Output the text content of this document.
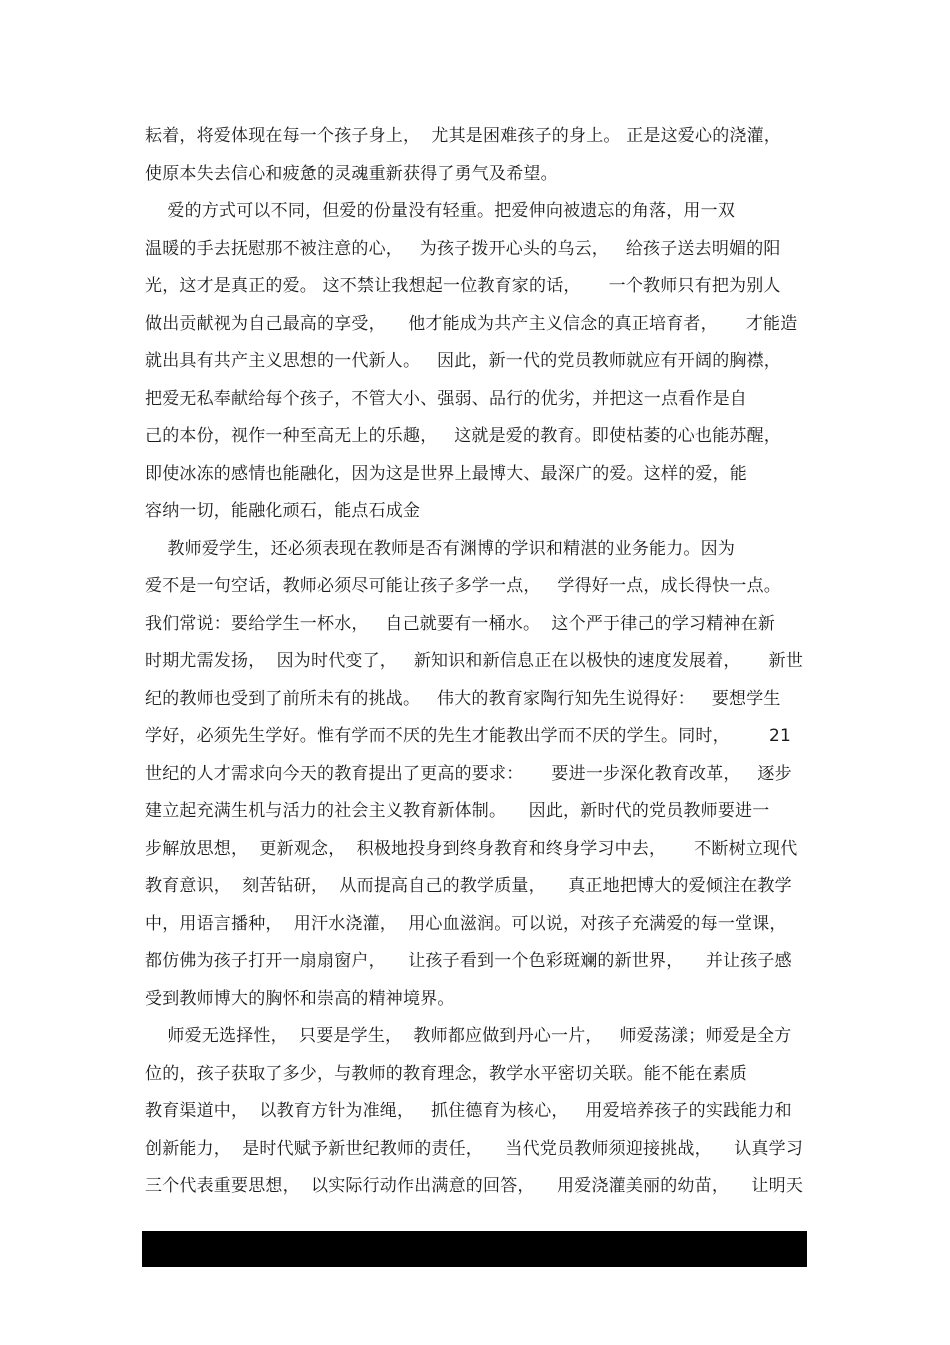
耘着，将爱体现在每一个孩子身上，  尤其是困难孩子的身上。 正是这爱心的浇灌，
使原本失去信心和疲惫的灵魂重新获得了勇气及希望。
爱的方式可以不同，但爱的份量没有轻重。把爱伸向被遗忘的角落，用一双
温暖的手去抚慰那不被注意的心，   为孩子拨开心头的乌云，   给孩子送去明媚的阳
光，这才是真正的爱。 这不禁让我想起一位教育家的话，     一个教师只有把为别人
做出贡献视为自己最高的享受，    他才能成为共产主义信念的真正培育者，     才能造
就出具有共产主义思想的一代新人。   因此，新一代的党员教师就应有开阔的胸襟，
把爱无私奉献给每个孩子，不管大小、强弱、品行的优劣，并把这一点看作是自
己的本份，视作一种至高无上的乐趣，   这就是爱的教育。即使枯萎的心也能苏醒，
即使冰冻的感情也能融化，因为这是世界上最博大、最深广的爱。这样的爱，能
容纳一切，能融化顽石，能点石成金
教师爱学生，还必须表现在教师是否有渊博的学识和精湛的业务能力。因为
爱不是一句空话，教师必须尽可能让孩子多学一点，   学得好一点，成长得快一点。
我们常说：要给学生一杯水，   自己就要有一桶水。  这个严于律己的学习精神在新
时期尤需发扬，  因为时代变了，   新知识和新信息正在以极快的速度发展着，     新世
纪的教师也受到了前所未有的挑战。   伟大的教育家陶行知先生说得好：   要想学生
学好，必须先生学好。惟有学而不厌的先生才能教出学而不厌的学生。同时，       21
世纪的人才需求向今天的教育提出了更高的要求：     要进一步深化教育改革，   逐步
建立起充满生机与活力的社会主义教育新体制。    因此，新时代的党员教师要进一
步解放思想，  更新观念，  积极地投身到终身教育和终身学习中去，     不断树立现代
教育意识，  刻苦钻研，  从而提高自己的教学质量，    真正地把博大的爱倾注在教学
中，用语言播种，  用汗水浇灌，  用心血滋润。可以说，对孩子充满爱的每一堂课，
都仿佛为孩子打开一扇扇窗户，    让孩子看到一个色彩斑斓的新世界，    并让孩子感
受到教师博大的胸怀和崇高的精神境界。
师爱无选择性，  只要是学生，  教师都应做到丹心一片，   师爱荡漾；师爱是全方
位的，孩子获取了多少，与教师的教育理念，教学水平密切关联。能不能在素质
教育渠道中，  以教育方针为准绳，   抓住德育为核心，   用爱培养孩子的实践能力和
创新能力，  是时代赋予新世纪教师的责任，    当代党员教师须迎接挑战，    认真学习
三个代表重要思想，  以实际行动作出满意的回答，    用爱浇灌美丽的幼苗，    让明天
